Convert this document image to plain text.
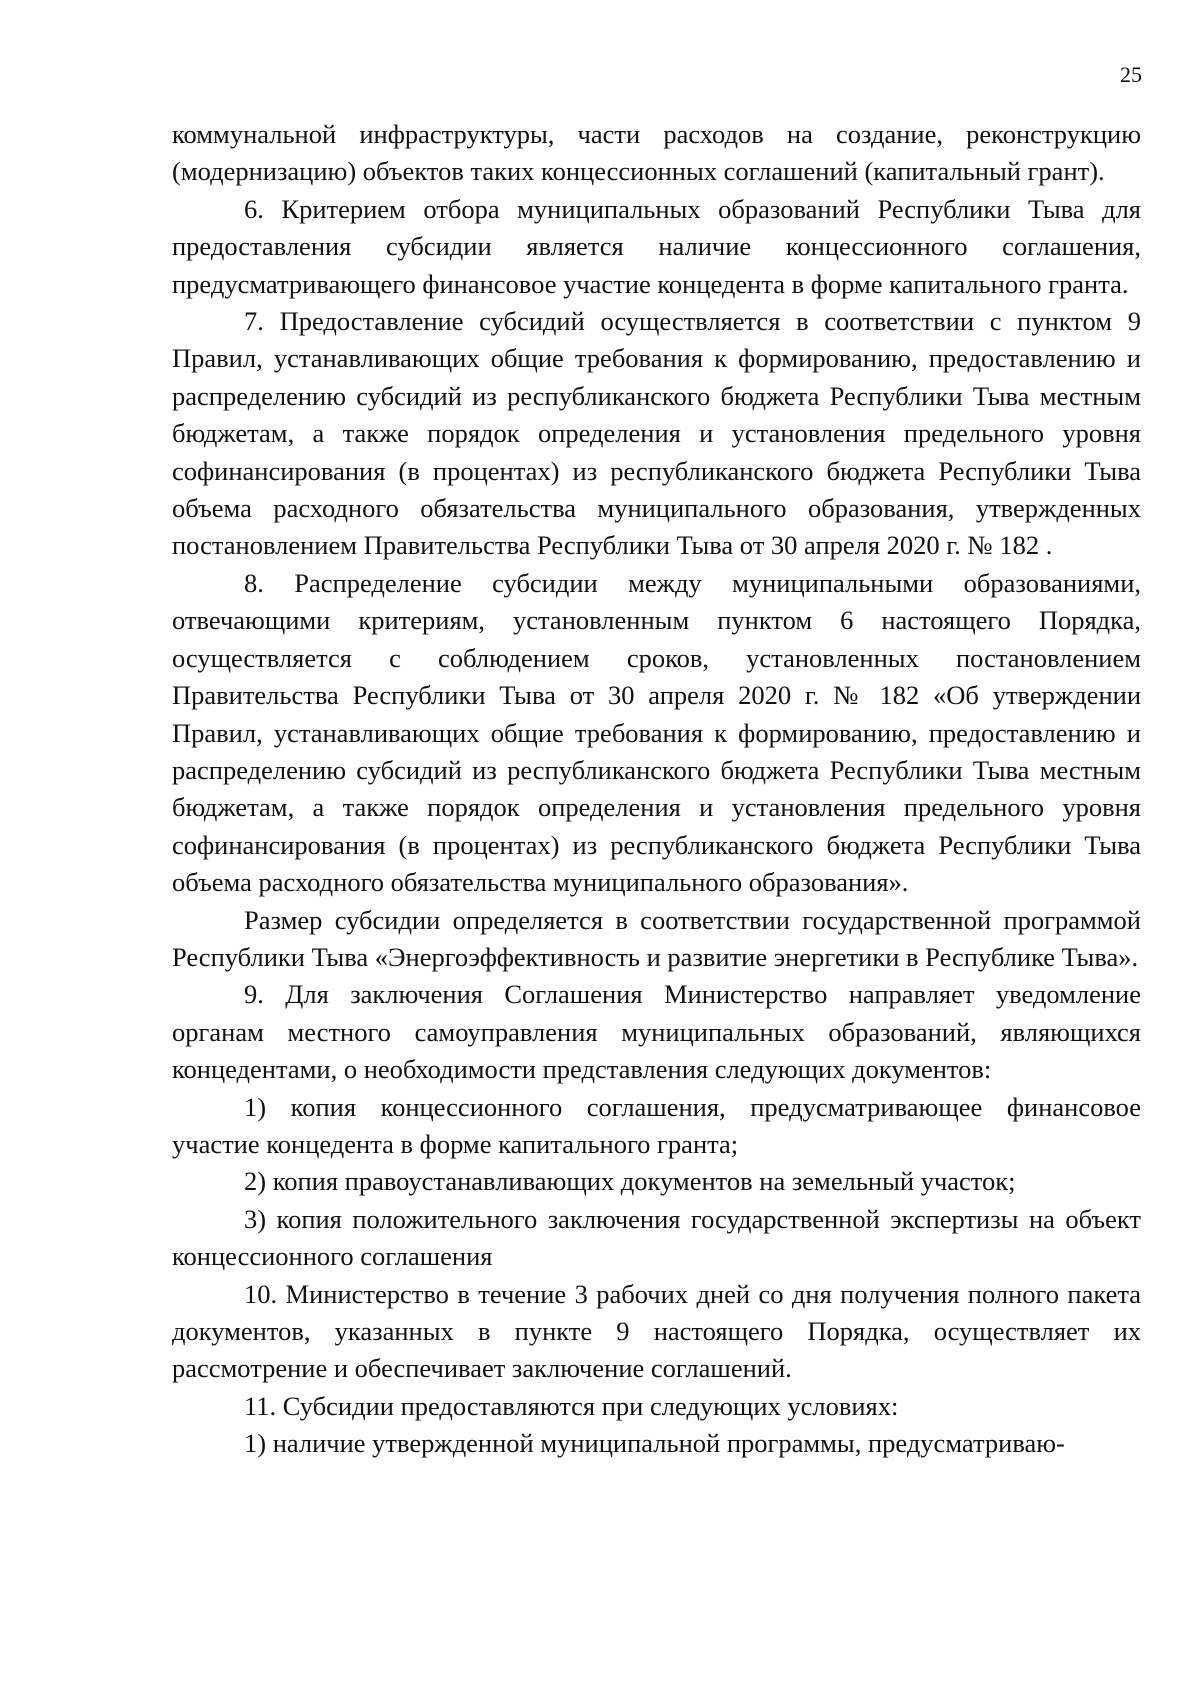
25

коммунальной инфраструктуры, части расходов на создание, реконструкцию (модернизацию) объектов таких концессионных соглашений (капитальный грант).

6. Критерием отбора муниципальных образований Республики Тыва для предоставления субсидии является наличие концессионного соглашения, предусматривающего финансовое участие концедента в форме капитального гранта.

7. Предоставление субсидий осуществляется в соответствии с пунктом 9 Правил, устанавливающих общие требования к формированию, предоставлению и распределению субсидий из республиканского бюджета Республики Тыва местным бюджетам, а также порядок определения и установления предельного уровня софинансирования (в процентах) из республиканского бюджета Республики Тыва объема расходного обязательства муниципального образования, утвержденных постановлением Правительства Республики Тыва от 30 апреля 2020 г. № 182 .

8. Распределение субсидии между муниципальными образованиями, отвечающими критериям, установленным пунктом 6 настоящего Порядка, осуществляется с соблюдением сроков, установленных постановлением Правительства Республики Тыва от 30 апреля 2020 г. № 182 «Об утверждении Правил, устанавливающих общие требования к формированию, предоставлению и распределению субсидий из республиканского бюджета Республики Тыва местным бюджетам, а также порядок определения и установления предельного уровня софинансирования (в процентах) из республиканского бюджета Республики Тыва объема расходного обязательства муниципального образования».

Размер субсидии определяется в соответствии государственной программой Республики Тыва «Энергоэффективность и развитие энергетики в Республике Тыва».

9. Для заключения Соглашения Министерство направляет уведомление органам местного самоуправления муниципальных образований, являющихся концедентами, о необходимости представления следующих документов:

1) копия концессионного соглашения, предусматривающее финансовое участие концедента в форме капитального гранта;

2) копия правоустанавливающих документов на земельный участок;

3) копия положительного заключения государственной экспертизы на объект концессионного соглашения

10. Министерство в течение 3 рабочих дней со дня получения полного пакета документов, указанных в пункте 9 настоящего Порядка, осуществляет их рассмотрение и обеспечивает заключение соглашений.

11. Субсидии предоставляются при следующих условиях:

1) наличие утвержденной муниципальной программы, предусматриваю-
